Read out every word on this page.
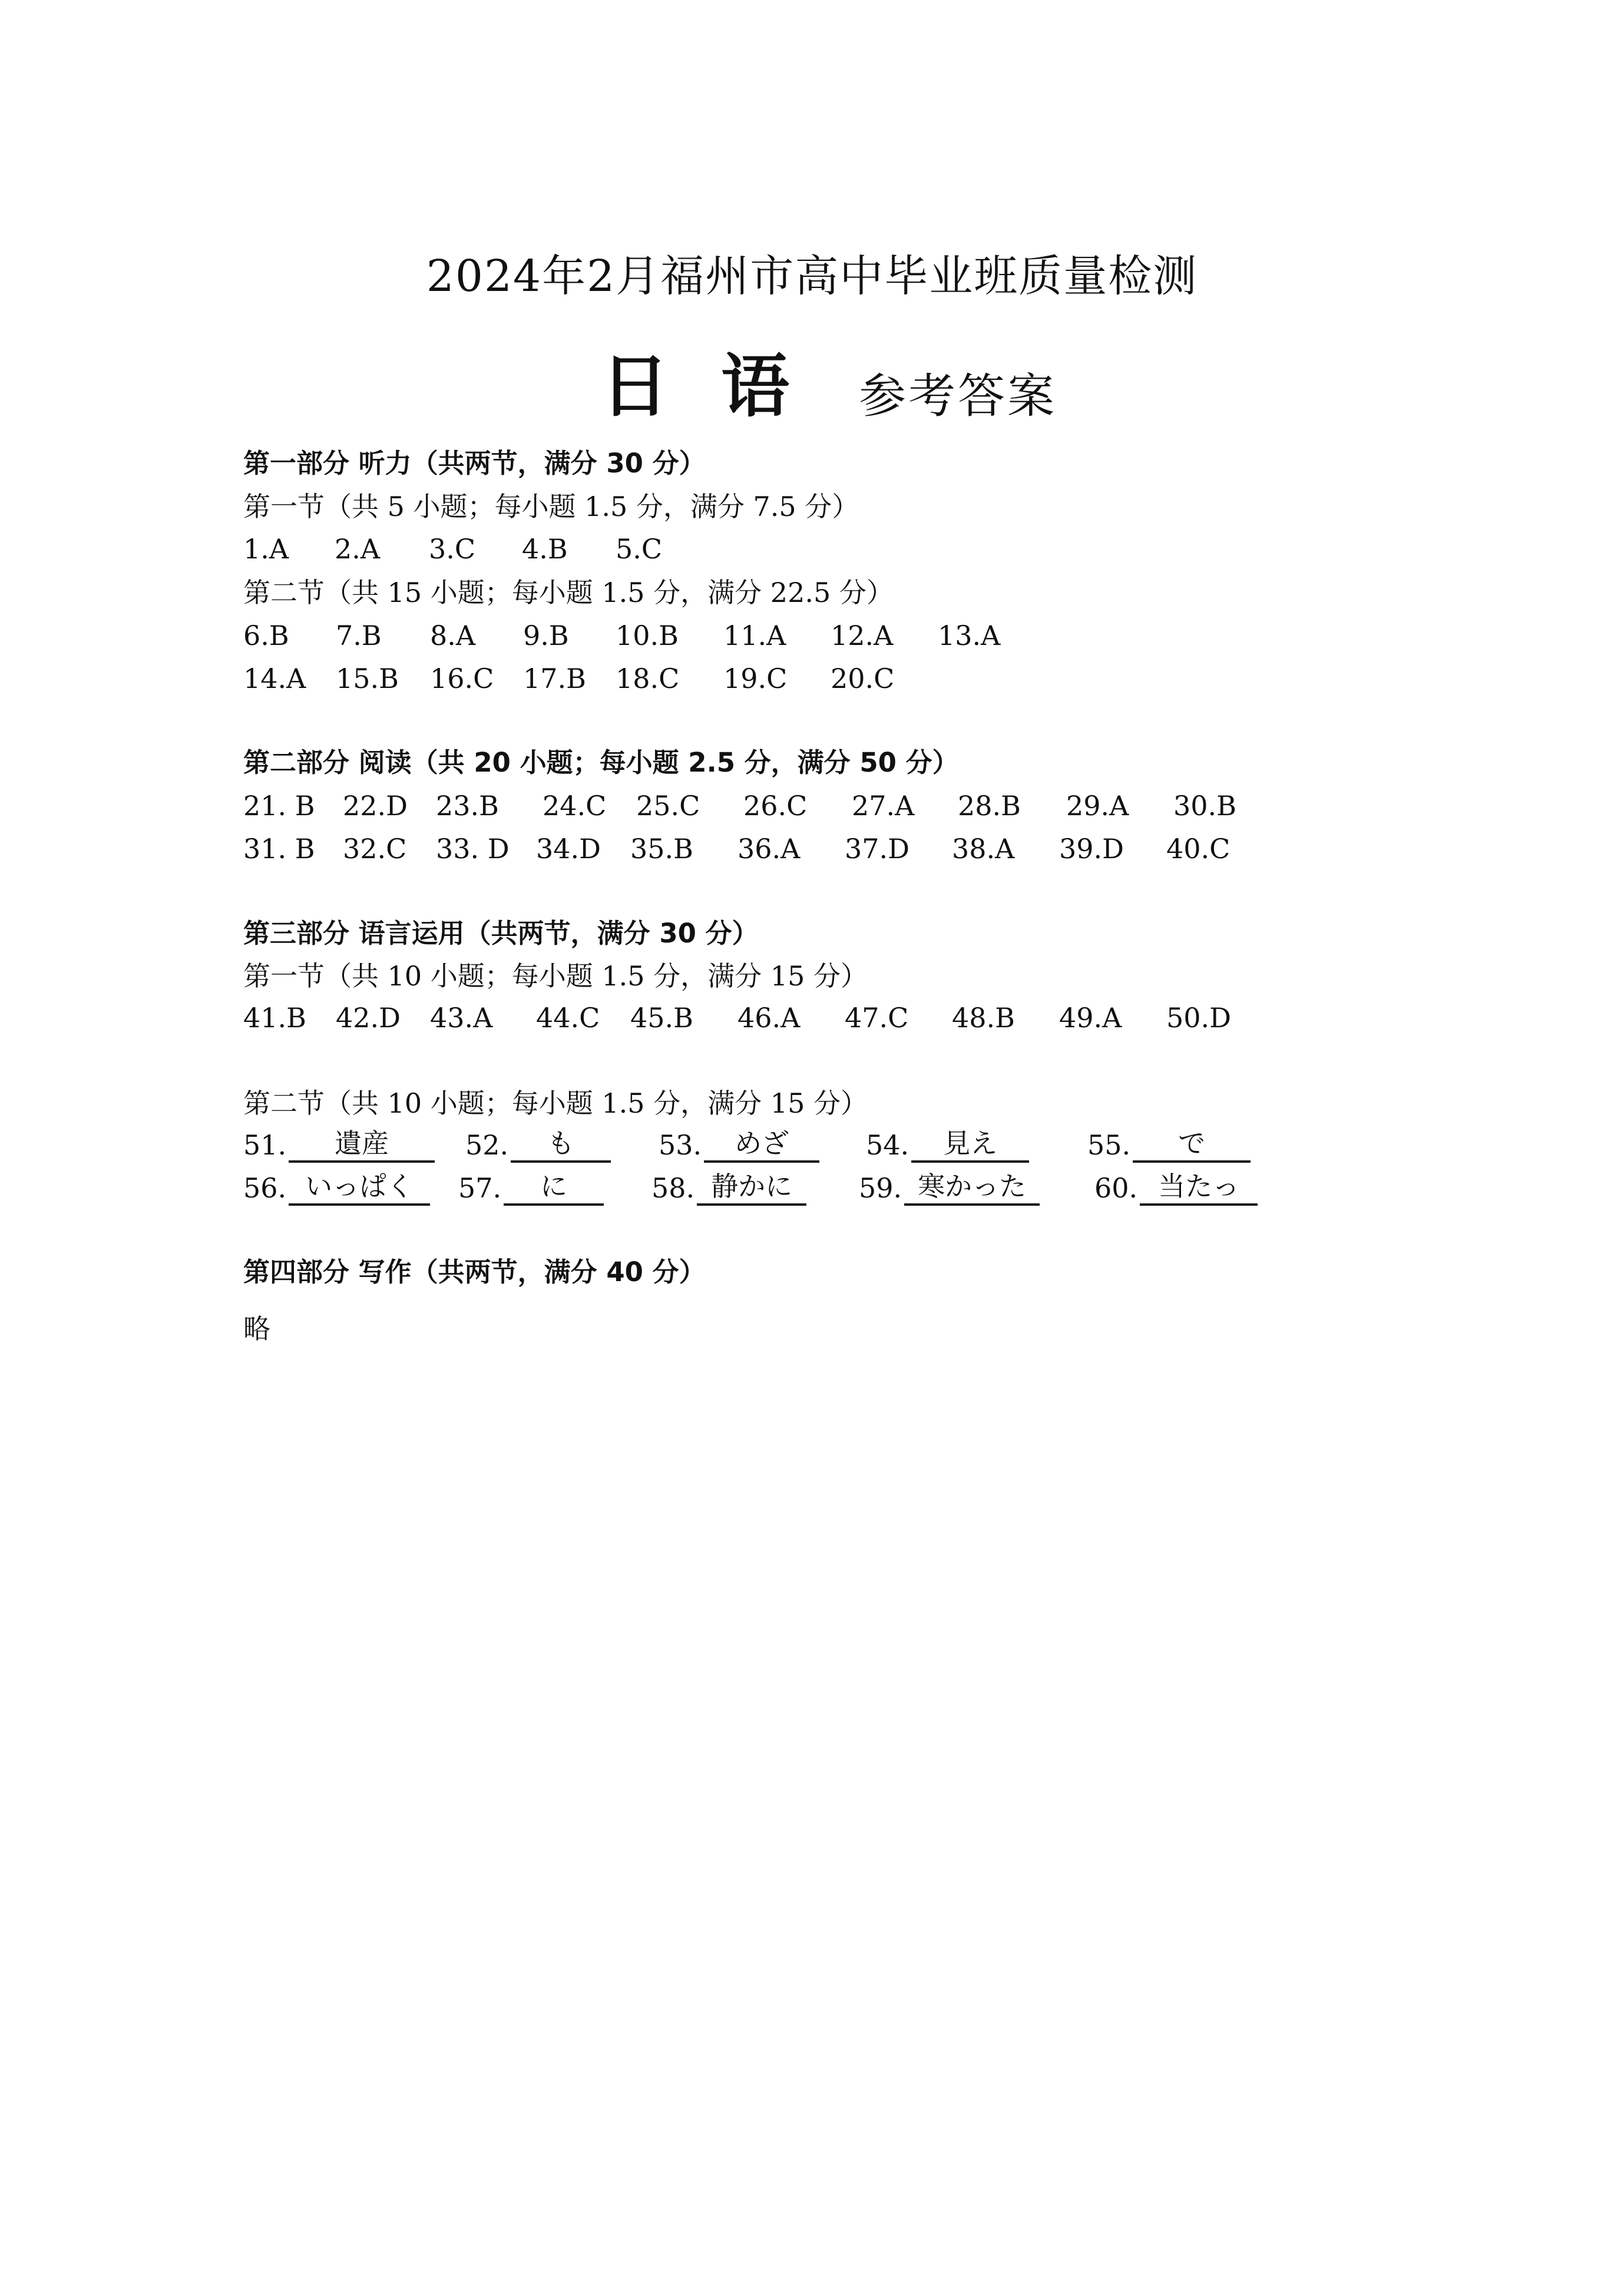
2024年2月福州市高中毕业班质量检测
日语 参考答案
第一部分 听力（共两节，满分 30 分）
第一节（共 5 小题；每小题 1.5 分，满分 7.5 分）
1.A 2.A 3.C 4.B 5.C
第二节（共 15 小题；每小题 1.5 分，满分 22.5 分）
6.B 7.B 8.A 9.B 10.B 11.A 12.A 13.A
14.A 15.B 16.C 17.B 18.C 19.C 20.C
第二部分 阅读（共 20 小题；每小题 2.5 分，满分 50 分）
21. B 22.D 23.B 24.C 25.C 26.C 27.A 28.B 29.A 30.B
31. B 32.C 33. D 34.D 35.B 36.A 37.D 38.A 39.D 40.C
第三部分 语言运用（共两节，满分 30 分）
第一节（共 10 小题；每小题 1.5 分，满分 15 分）
41.B 42.D 43.A 44.C 45.B 46.A 47.C 48.B 49.A 50.D
第二节（共 10 小题；每小题 1.5 分，满分 15 分）
51.	遺産	52.	も	53.	めざ	54.	見え	55.	で
56. いっぱく	57.	に	58. 静かに	59. 寒かった	60. 当たっ
第四部分 写作（共两节，满分 40 分）
略
